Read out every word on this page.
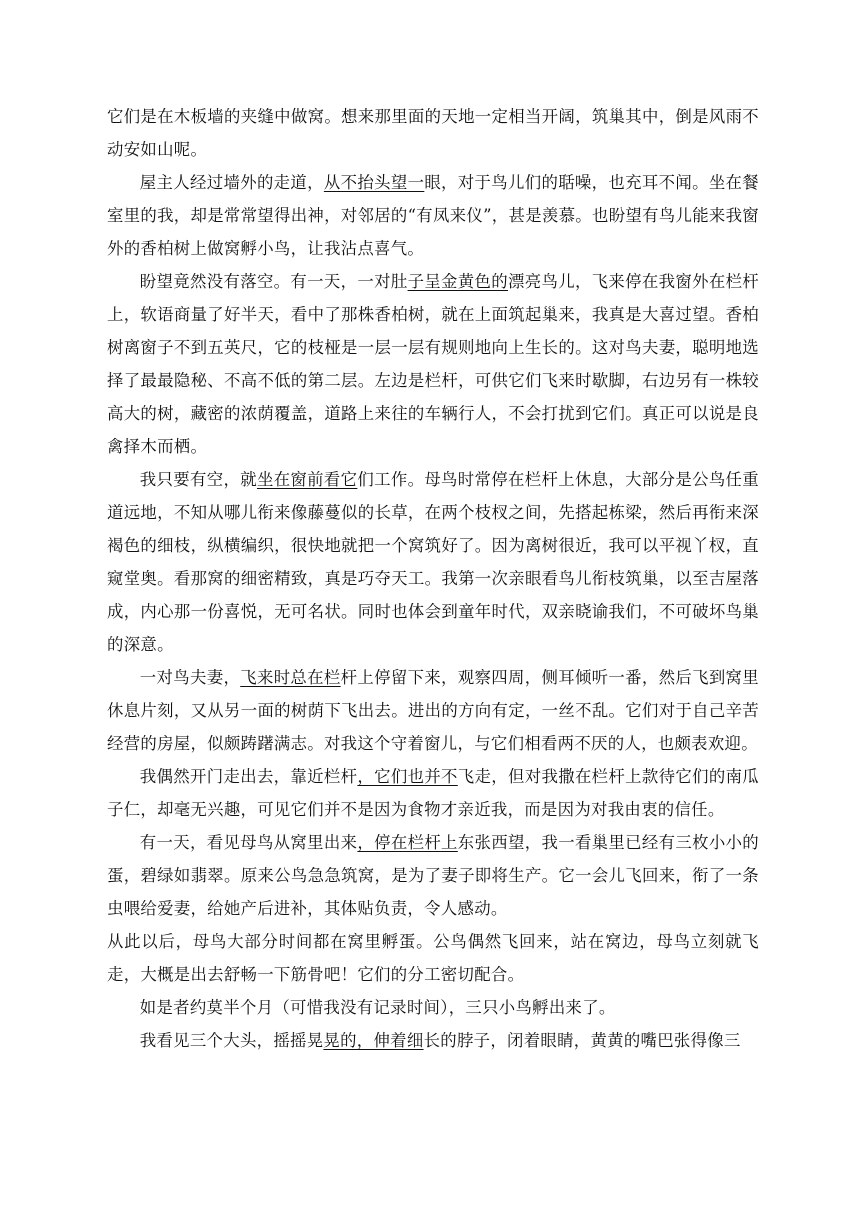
它们是在木板墙的夹缝中做窝。想来那里面的天地一定相当开阔，筑巢其中，倒是风雨不动安如山呢。

屋主人经过墙外的走道，从不抬头望一眼，对于鸟儿们的聒噪，也充耳不闻。坐在餐室里的我，却是常常望得出神，对邻居的“有凤来仪”，甚是羡慕。也盼望有鸟儿能来我窗外的香柏树上做窝孵小鸟，让我沾点喜气。

盼望竟然没有落空。有一天，一对肚子呈金黄色的漂亮鸟儿，飞来停在我窗外在栏杆上，软语商量了好半天，看中了那株香柏树，就在上面筑起巢来，我真是大喜过望。香柏树离窗子不到五英尺，它的枝桠是一层一层有规则地向上生长的。这对鸟夫妻，聪明地选择了最最隐秘、不高不低的第二层。左边是栏杆，可供它们飞来时歇脚，右边另有一株较高大的树，藏密的浓荫覆盖，道路上来往的车辆行人，不会打扰到它们。真正可以说是良禽择木而栖。

我只要有空，就坐在窗前看它们工作。母鸟时常停在栏杆上休息，大部分是公鸟任重道远地，不知从哪儿衔来像藤蔓似的长草，在两个枝杈之间，先搭起栋梁，然后再衔来深褐色的细枝，纵横编织，很快地就把一个窝筑好了。因为离树很近，我可以平视丫杈，直窥堂奥。看那窝的细密精致，真是巧夺天工。我第一次亲眼看鸟儿衔枝筑巢，以至吉屋落成，内心那一份喜悦，无可名状。同时也体会到童年时代，双亲晓谕我们，不可破坏鸟巢的深意。

一对鸟夫妻，飞来时总在栏杆上停留下来，观察四周，侧耳倾听一番，然后飞到窝里休息片刻，又从另一面的树荫下飞出去。进出的方向有定，一丝不乱。它们对于自己辛苦经营的房屋，似颇踌躇满志。对我这个守着窗儿，与它们相看两不厌的人，也颇表欢迎。

我偶然开门走出去，靠近栏杆，它们也并不飞走，但对我撒在栏杆上款待它们的南瓜子仁，却毫无兴趣，可见它们并不是因为食物才亲近我，而是因为对我由衷的信任。

有一天，看见母鸟从窝里出来，停在栏杆上东张西望，我一看巢里已经有三枚小小的蛋，碧绿如翡翠。原来公鸟急急筑窝，是为了妻子即将生产。它一会儿飞回来，衔了一条虫喂给爱妻，给她产后进补，其体贴负责，令人感动。

从此以后，母鸟大部分时间都在窝里孵蛋。公鸟偶然飞回来，站在窝边，母鸟立刻就飞走，大概是出去舒畅一下筋骨吧！它们的分工密切配合。

如是者约莫半个月（可惜我没有记录时间），三只小鸟孵出来了。

我看见三个大头，摇摇晃晃的，伸着细长的脖子，闭着眼睛，黄黄的嘴巴张得像三
